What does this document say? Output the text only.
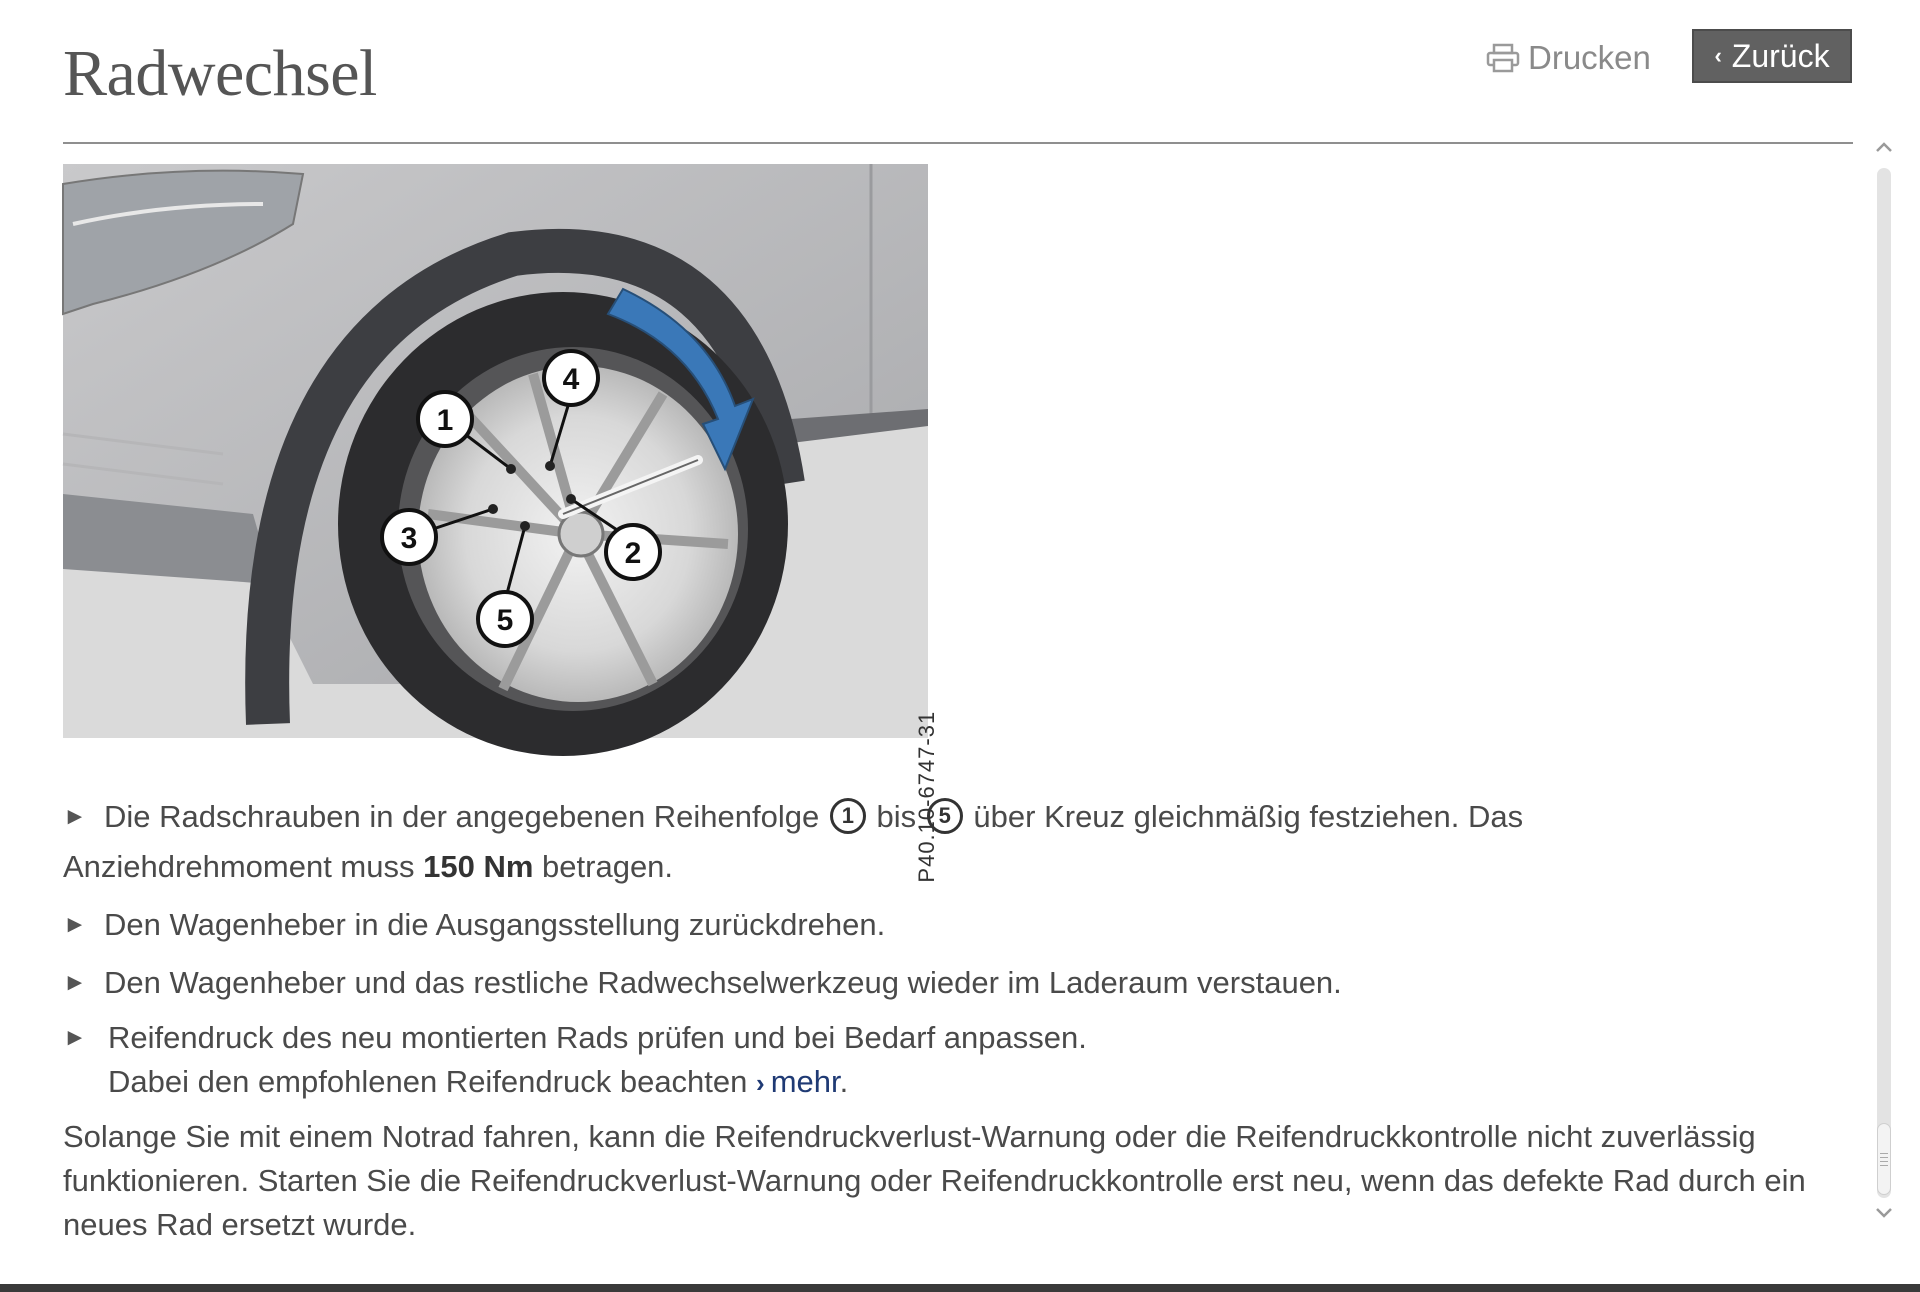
Radwechsel	Drucken	‹ Zurück
1
2
3
4
5
P40.10-6747-31
► Die Radschrauben in der angegebenen Reihenfolge 1 bis 5 über Kreuz gleichmäßig festziehen. Das
Anziehdrehmoment muss 150 Nm betragen.
► Den Wagenheber in die Ausgangsstellung zurückdrehen.
► Den Wagenheber und das restliche Radwechselwerkzeug wieder im Laderaum verstauen.
► Reifendruck des neu montierten Rads prüfen und bei Bedarf anpassen.
Dabei den empfohlenen Reifendruck beachten › mehr.
Solange Sie mit einem Notrad fahren, kann die Reifendruckverlust-Warnung oder die Reifendruckkontrolle nicht zuverlässig funktionieren. Starten Sie die Reifendruckverlust-Warnung oder Reifendruckkontrolle erst neu, wenn das defekte Rad durch ein neues Rad ersetzt wurde.
